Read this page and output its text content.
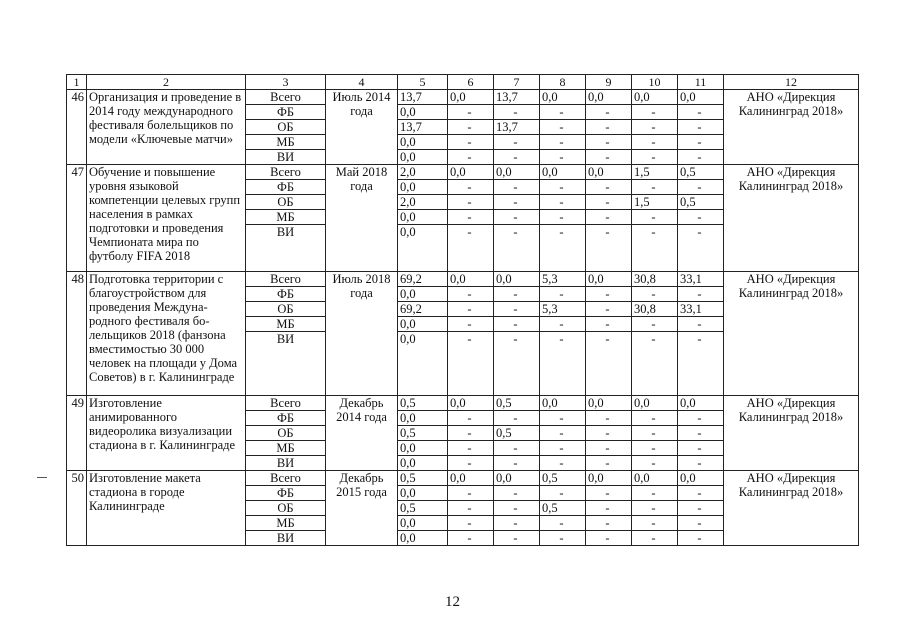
1	2	3	4	5	6	7	8	9	10	11	12
46	Организация и проведение в 2014 году международного фестиваля болельщиков по модели «Ключевые матчи»	Всего	Июль 2014 года	13,7	0,0	13,7	0,0	0,0	0,0	0,0	АНО «Дирекция Калининград 2018»
		ФБ		0,0	-	-	-	-	-	-	
		ОБ		13,7	-	13,7	-	-	-	-	
		МБ		0,0	-	-	-	-	-	-	
		ВИ		0,0	-	-	-	-	-	-	
47	Обучение и повышение уровня языковой компетенции целевых групп населения в рамках подготовки и проведения Чемпионата мира по футболу FIFA 2018	Всего	Май 2018 года	2,0	0,0	0,0	0,0	0,0	1,5	0,5	АНО «Дирекция Калининград 2018»
		ФБ		0,0	-	-	-	-	-	-	
		ОБ		2,0	-	-	-	-	1,5	0,5	
		МБ		0,0	-	-	-	-	-	-	
		ВИ		0,0	-	-	-	-	-	-	
48	Подготовка территории с благоустройством для проведения Междуна-родного фестиваля бо-лельщиков 2018 (фанзона вместимостью 30 000 человек на площади у Дома Советов) в г. Калининграде	Всего	Июль 2018 года	69,2	0,0	0,0	5,3	0,0	30,8	33,1	АНО «Дирекция Калининград 2018»
		ФБ		0,0	-	-	-	-	-	-	
		ОБ		69,2	-	-	5,3	-	30,8	33,1	
		МБ		0,0	-	-	-	-	-	-	
		ВИ		0,0	-	-	-	-	-	-	
49	Изготовление анимированного видеоролика визуализации стадиона в г. Калининграде	Всего	Декабрь 2014 года	0,5	0,0	0,5	0,0	0,0	0,0	0,0	АНО «Дирекция Калининград 2018»
		ФБ		0,0	-	-	-	-	-	-	
		ОБ		0,5	-	0,5	-	-	-	-	
		МБ		0,0	-	-	-	-	-	-	
		ВИ		0,0	-	-	-	-	-	-	
50	Изготовление макета стадиона в городе Калининграде	Всего	Декабрь 2015 года	0,5	0,0	0,0	0,5	0,0	0,0	0,0	АНО «Дирекция Калининград 2018»
		ФБ		0,0	-	-	-	-	-	-	
		ОБ		0,5	-	-	0,5	-	-	-	
		МБ		0,0	-	-	-	-	-	-	
		ВИ		0,0	-	-	-	-	-	-	
12
